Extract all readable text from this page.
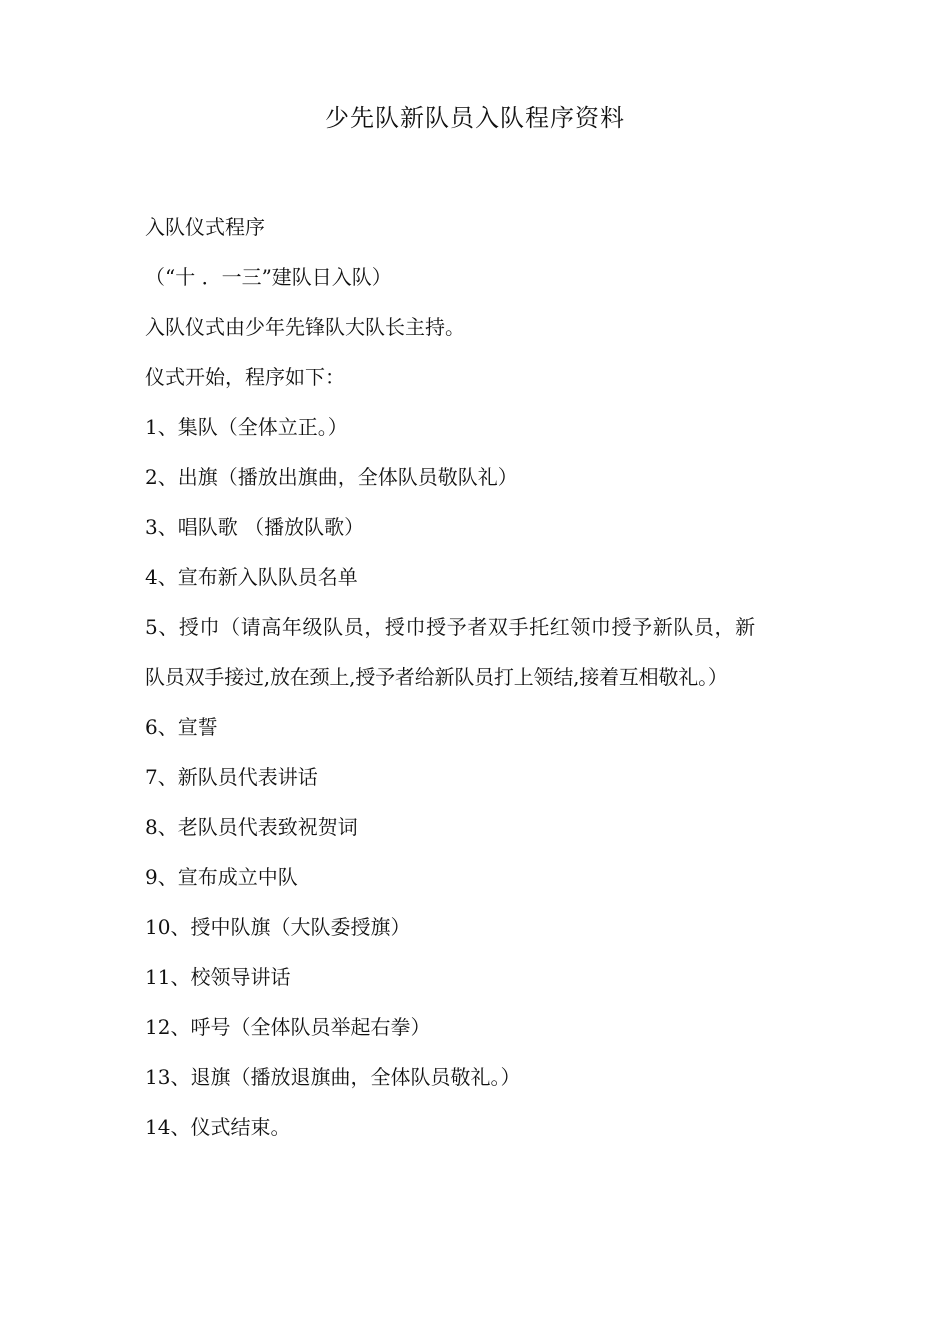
少先队新队员入队程序资料
入队仪式程序
（“十 ．一三”建队日入队）
入队仪式由少年先锋队大队长主持。
仪式开始，程序如下：
1、集队（全体立正。）
2、出旗（播放出旗曲，全体队员敬队礼）
3、唱队歌 （播放队歌）
4、宣布新入队队员名单
5、授巾（请高年级队员，授巾授予者双手托红领巾授予新队员，新
队员双手接过,放在颈上,授予者给新队员打上领结,接着互相敬礼。）
6、宣誓
7、新队员代表讲话
8、老队员代表致祝贺词
9、宣布成立中队
10、授中队旗（大队委授旗）
11、校领导讲话
12、呼号（全体队员举起右拳）
13、退旗（播放退旗曲，全体队员敬礼。）
14、仪式结束。
